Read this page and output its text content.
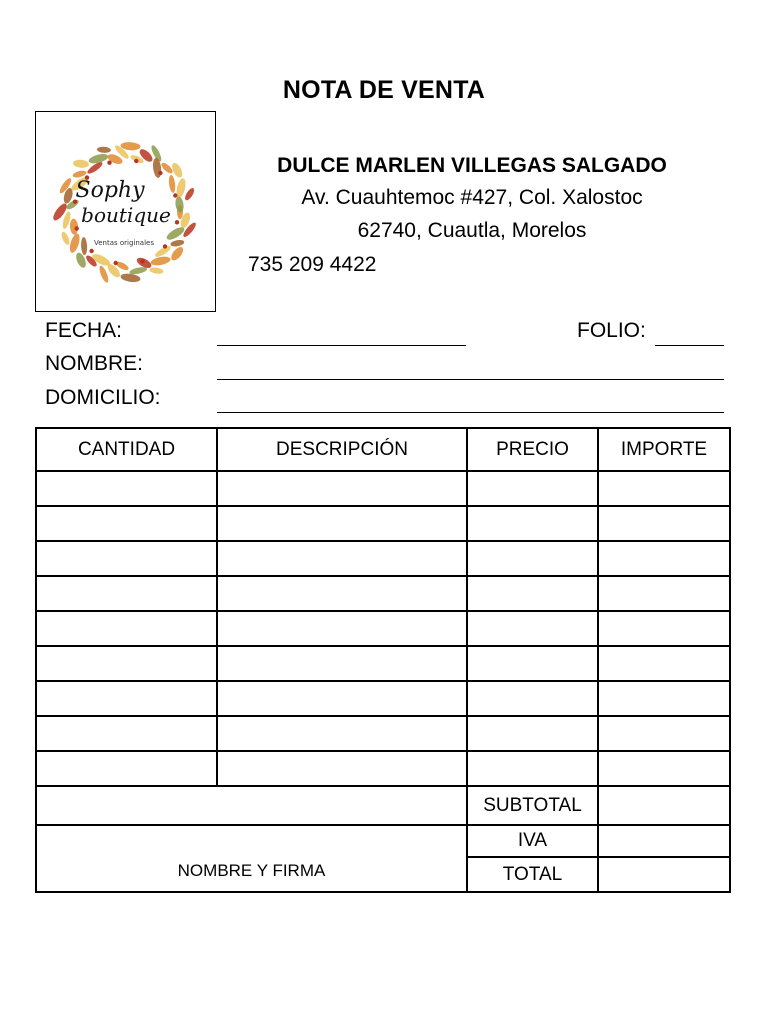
NOTA DE VENTA
Sophy
boutique
Ventas originales
DULCE MARLEN VILLEGAS SALGADO
Av. Cuauhtemoc #427, Col. Xalostoc
62740, Cuautla, Morelos
735 209 4422
FECHA:	FOLIO:
NOMBRE:
DOMICILIO:
CANTIDAD	DESCRIPCIÓN	PRECIO	IMPORTE

		SUBTOTAL	
NOMBRE Y FIRMA		IVA	
		TOTAL	
